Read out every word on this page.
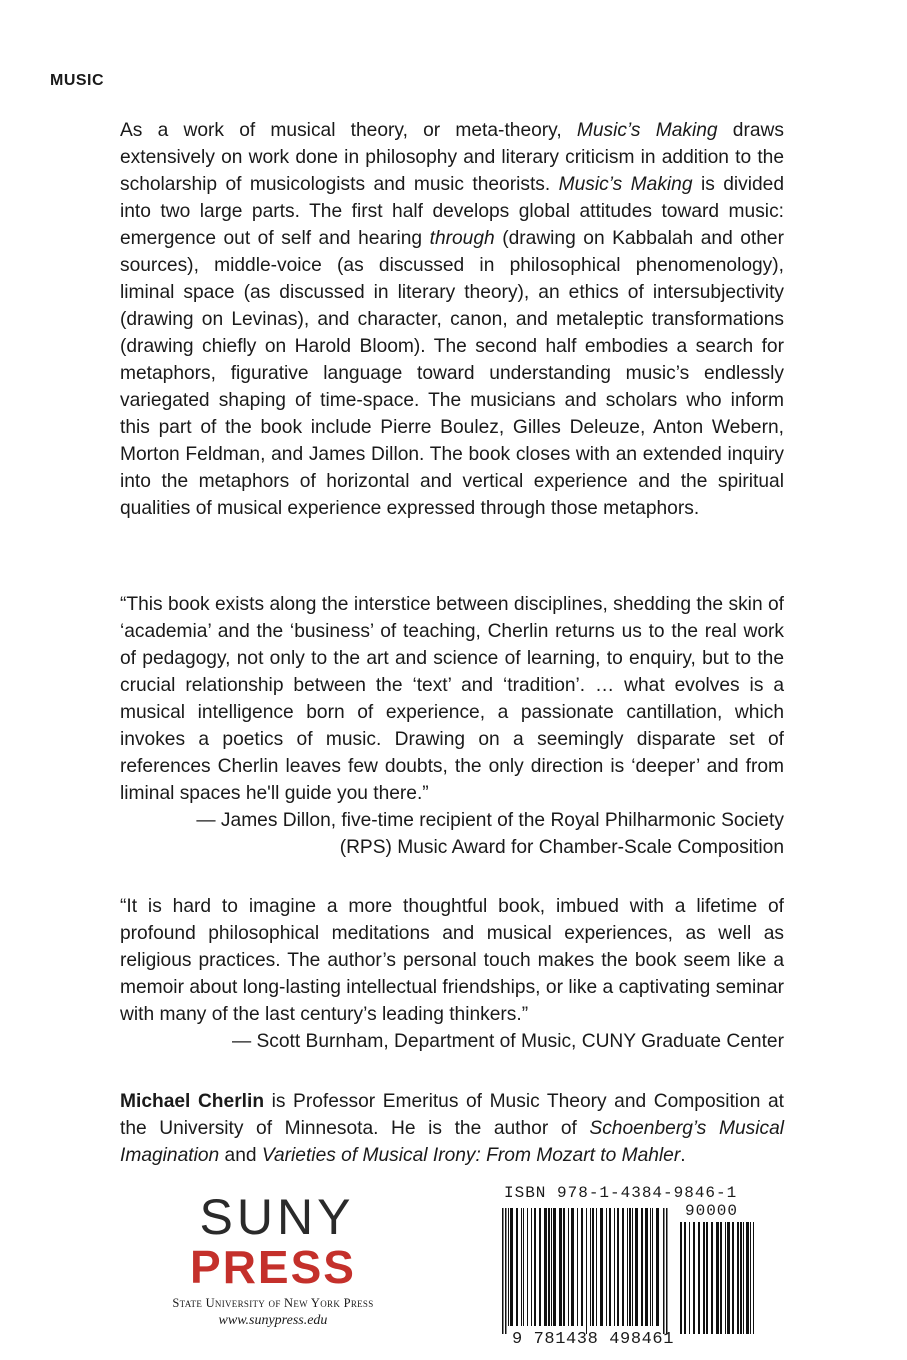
MUSIC

As a work of musical theory, or meta-theory, Music’s Making draws extensively on work done in philosophy and literary criticism in addition to the scholarship of musicologists and music theorists. Music’s Making is divided into two large parts. The first half develops global attitudes toward music: emergence out of self and hearing through (drawing on Kabbalah and other sources), middle-voice (as discussed in philosophical phenomenology), liminal space (as discussed in literary theory), an ethics of intersubjectivity (drawing on Levinas), and character, canon, and metaleptic transformations (drawing chiefly on Harold Bloom). The second half embodies a search for metaphors, figurative language toward understanding music’s endlessly variegated shaping of time-space. The musicians and scholars who inform this part of the book include Pierre Boulez, Gilles Deleuze, Anton Webern, Morton Feldman, and James Dillon. The book closes with an extended inquiry into the metaphors of horizontal and vertical experience and the spiritual qualities of musical experience expressed through those metaphors.

“This book exists along the interstice between disciplines, shedding the skin of ‘academia’ and the ‘business’ of teaching, Cherlin returns us to the real work of pedagogy, not only to the art and science of learning, to enquiry, but to the crucial relationship between the ‘text’ and ‘tradition’. … what evolves is a musical intelligence born of experience, a passionate cantillation, which invokes a poetics of music. Drawing on a seemingly disparate set of references Cherlin leaves few doubts, the only direction is ‘deeper’ and from liminal spaces he'll guide you there.”

— James Dillon, five-time recipient of the Royal Philharmonic Society

(RPS) Music Award for Chamber-Scale Composition

“It is hard to imagine a more thoughtful book, imbued with a lifetime of profound philosophical meditations and musical experiences, as well as religious practices. The author’s personal touch makes the book seem like a memoir about long-lasting intellectual friendships, or like a captivating seminar with many of the last century’s leading thinkers.”

— Scott Burnham, Department of Music, CUNY Graduate Center

Michael Cherlin is Professor Emeritus of Music Theory and Composition at the University of Minnesota. He is the author of Schoenberg’s Musical Imagination and Varieties of Musical Irony: From Mozart to Mahler.

SUNY
PRESS
State University of New York Press
www.sunypress.edu
ISBN 978-1-4384-9846-1
90000
9 781438 498461
